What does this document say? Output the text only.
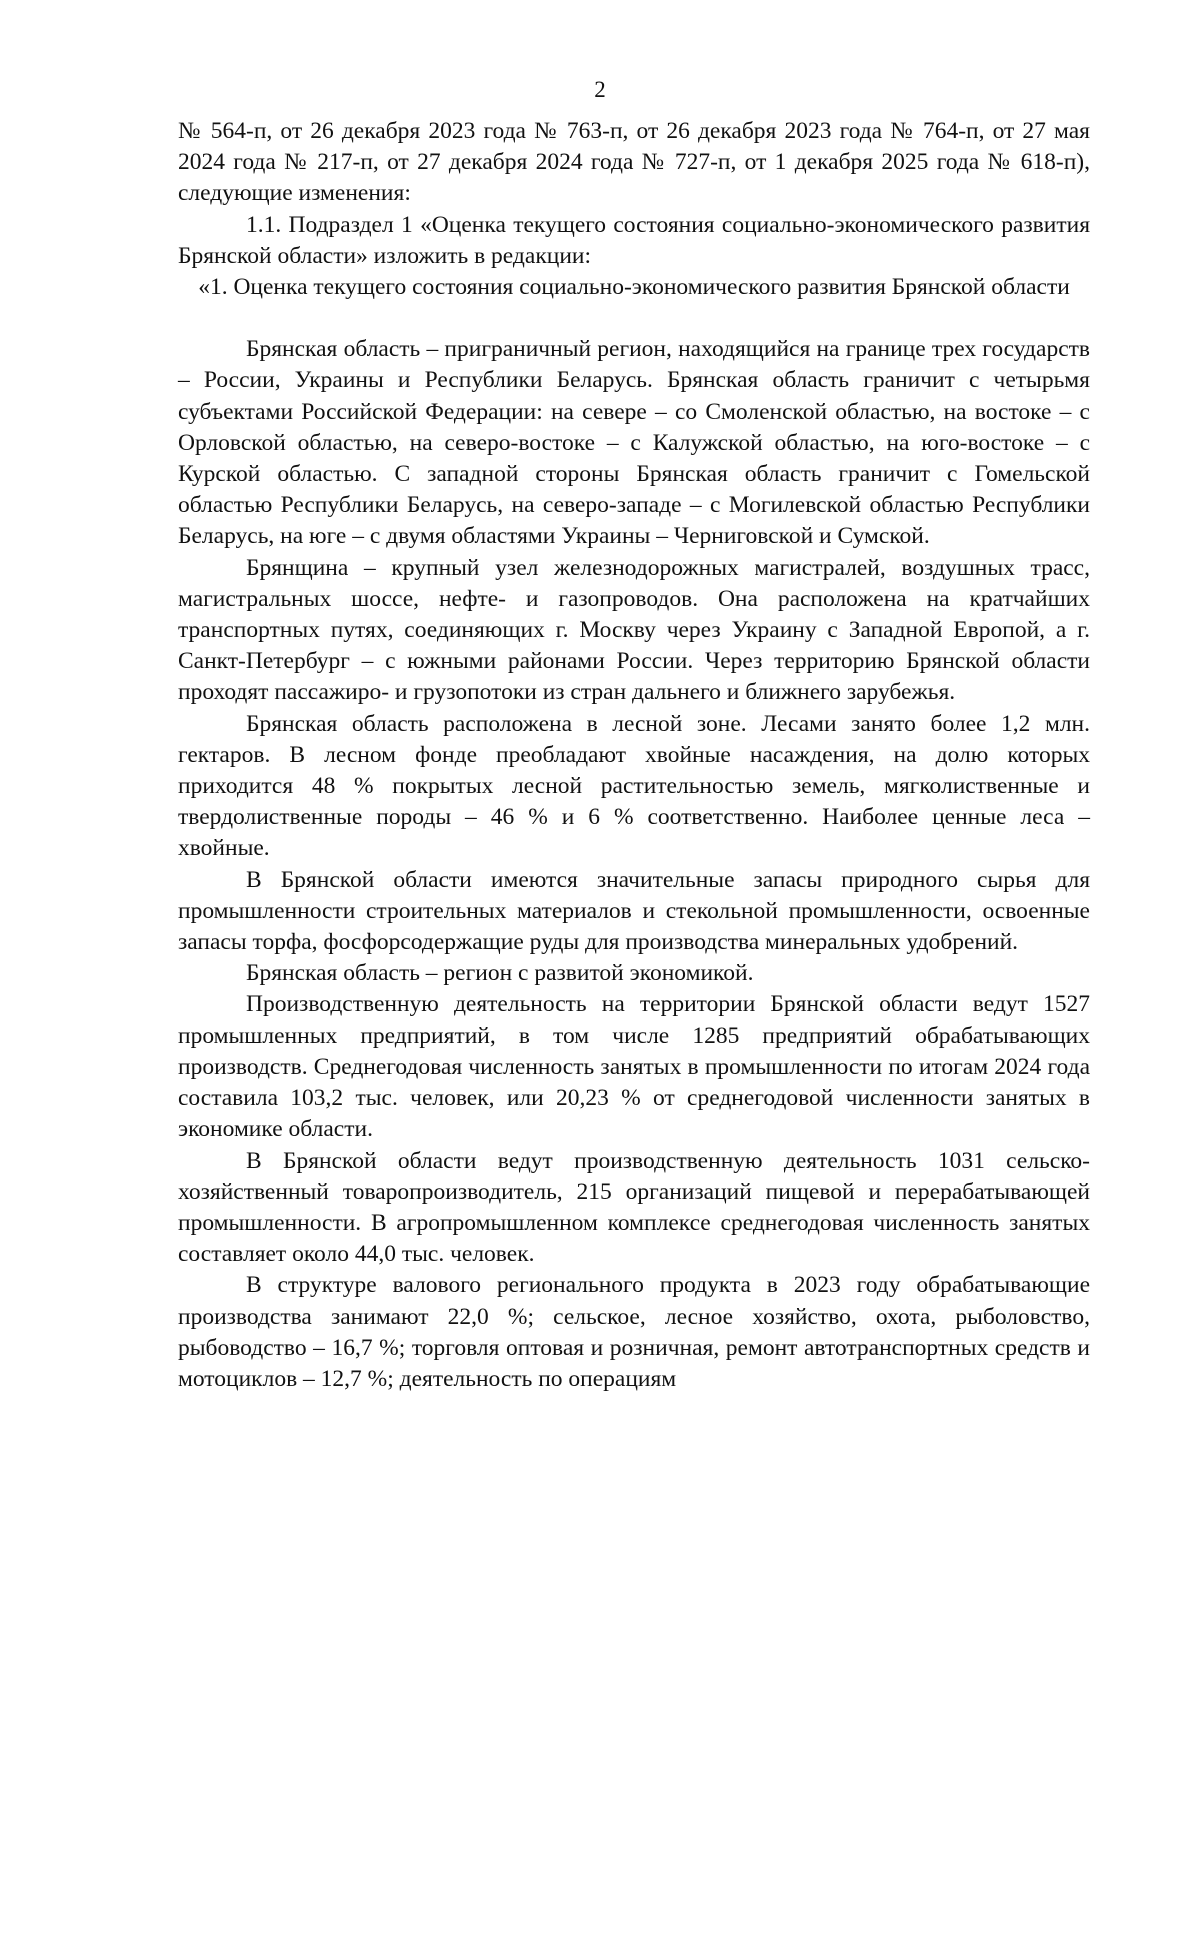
2

№ 564-п, от 26 декабря 2023 года № 763-п, от 26 декабря 2023 года № 764-п, от 27 мая 2024 года № 217-п, от 27 декабря 2024 года № 727-п, от 1 декабря 2025 года № 618-п), следующие изменения:

1.1. Подраздел 1 «Оценка текущего состояния социально-экономического развития Брянской области» изложить в редакции:

«1. Оценка текущего состояния социально-экономического развития Брянской области

Брянская область – приграничный регион, находящийся на границе трех государств – России, Украины и Республики Беларусь. Брянская область граничит с четырьмя субъектами Российской Федерации: на севере – со Смоленской областью, на востоке – с Орловской областью, на северо-востоке – с Калужской областью, на юго-востоке – с Курской областью. С западной стороны Брянская область граничит с Гомельской областью Республики Беларусь, на северо-западе – с Могилевской областью Республики Беларусь, на юге – с двумя областями Украины – Черниговской и Сумской.

Брянщина – крупный узел железнодорожных магистралей, воздушных трасс, магистральных шоссе, нефте- и газопроводов. Она расположена на кратчайших транспортных путях, соединяющих г. Москву через Украину с Западной Европой, а г. Санкт-Петербург – с южными районами России. Через территорию Брянской области проходят пассажиро- и грузопотоки из стран дальнего и ближнего зарубежья.

Брянская область расположена в лесной зоне. Лесами занято более 1,2 млн. гектаров. В лесном фонде преобладают хвойные насаждения, на долю которых приходится 48 % покрытых лесной растительностью земель, мягколиственные и твердолиственные породы – 46 % и 6 % соответственно. Наиболее ценные леса – хвойные.

В Брянской области имеются значительные запасы природного сырья для промышленности строительных материалов и стекольной промышленности, освоенные запасы торфа, фосфорсодержащие руды для производства минеральных удобрений.

Брянская область – регион с развитой экономикой.

Производственную деятельность на территории Брянской области ведут 1527 промышленных предприятий, в том числе 1285 предприятий обрабатывающих производств. Среднегодовая численность занятых в промышленности по итогам 2024 года составила 103,2 тыс. человек, или 20,23 % от среднегодовой численности занятых в экономике области.

В Брянской области ведут производственную деятельность 1031 сельскохозяйственный товаропроизводитель, 215 организаций пищевой и перерабатывающей промышленности. В агропромышленном комплексе среднегодовая численность занятых составляет около 44,0 тыс. человек.

В структуре валового регионального продукта в 2023 году обрабатывающие производства занимают 22,0 %; сельское, лесное хозяйство, охота, рыболовство, рыбоводство – 16,7 %; торговля оптовая и розничная, ремонт автотранспортных средств и мотоциклов – 12,7 %; деятельность по операциям
